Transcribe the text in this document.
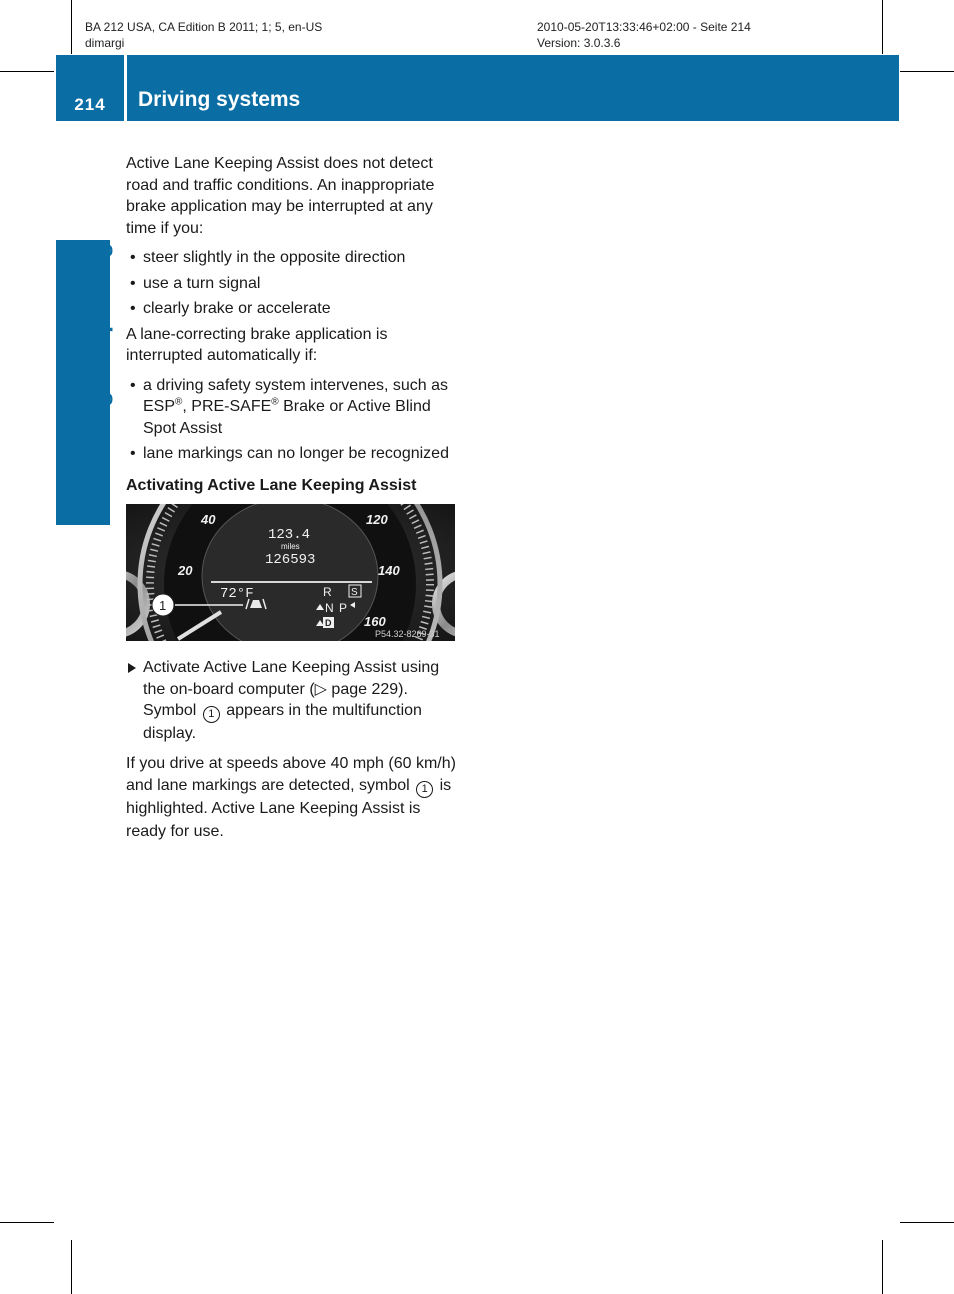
BA 212 USA, CA Edition B 2011; 1; 5, en-US
dimargi
2010-05-20T13:33:46+02:00 - Seite 214
Version: 3.0.3.6
214	Driving systems
Driving and parking

Active Lane Keeping Assist does not detect road and traffic conditions. An inappropriate brake application may be interrupted at any time if you:

• steer slightly in the opposite direction
• use a turn signal
• clearly brake or accelerate

A lane-correcting brake application is interrupted automatically if:

• a driving safety system intervenes, such as ESP®, PRE-SAFE® Brake or Active Blind Spot Assist
• lane markings can no longer be recognized

Activating Active Lane Keeping Assist

40
20
120
140
160
123.4
miles
126593
72°F	R S
N P
D
1
P54.32-8269-31
Activate Active Lane Keeping Assist using the on-board computer (▷ page 229). Symbol 1 appears in the multifunction display.

If you drive at speeds above 40 mph (60 km/h) and lane markings are detected, symbol 1 is highlighted. Active Lane Keeping Assist is ready for use.
